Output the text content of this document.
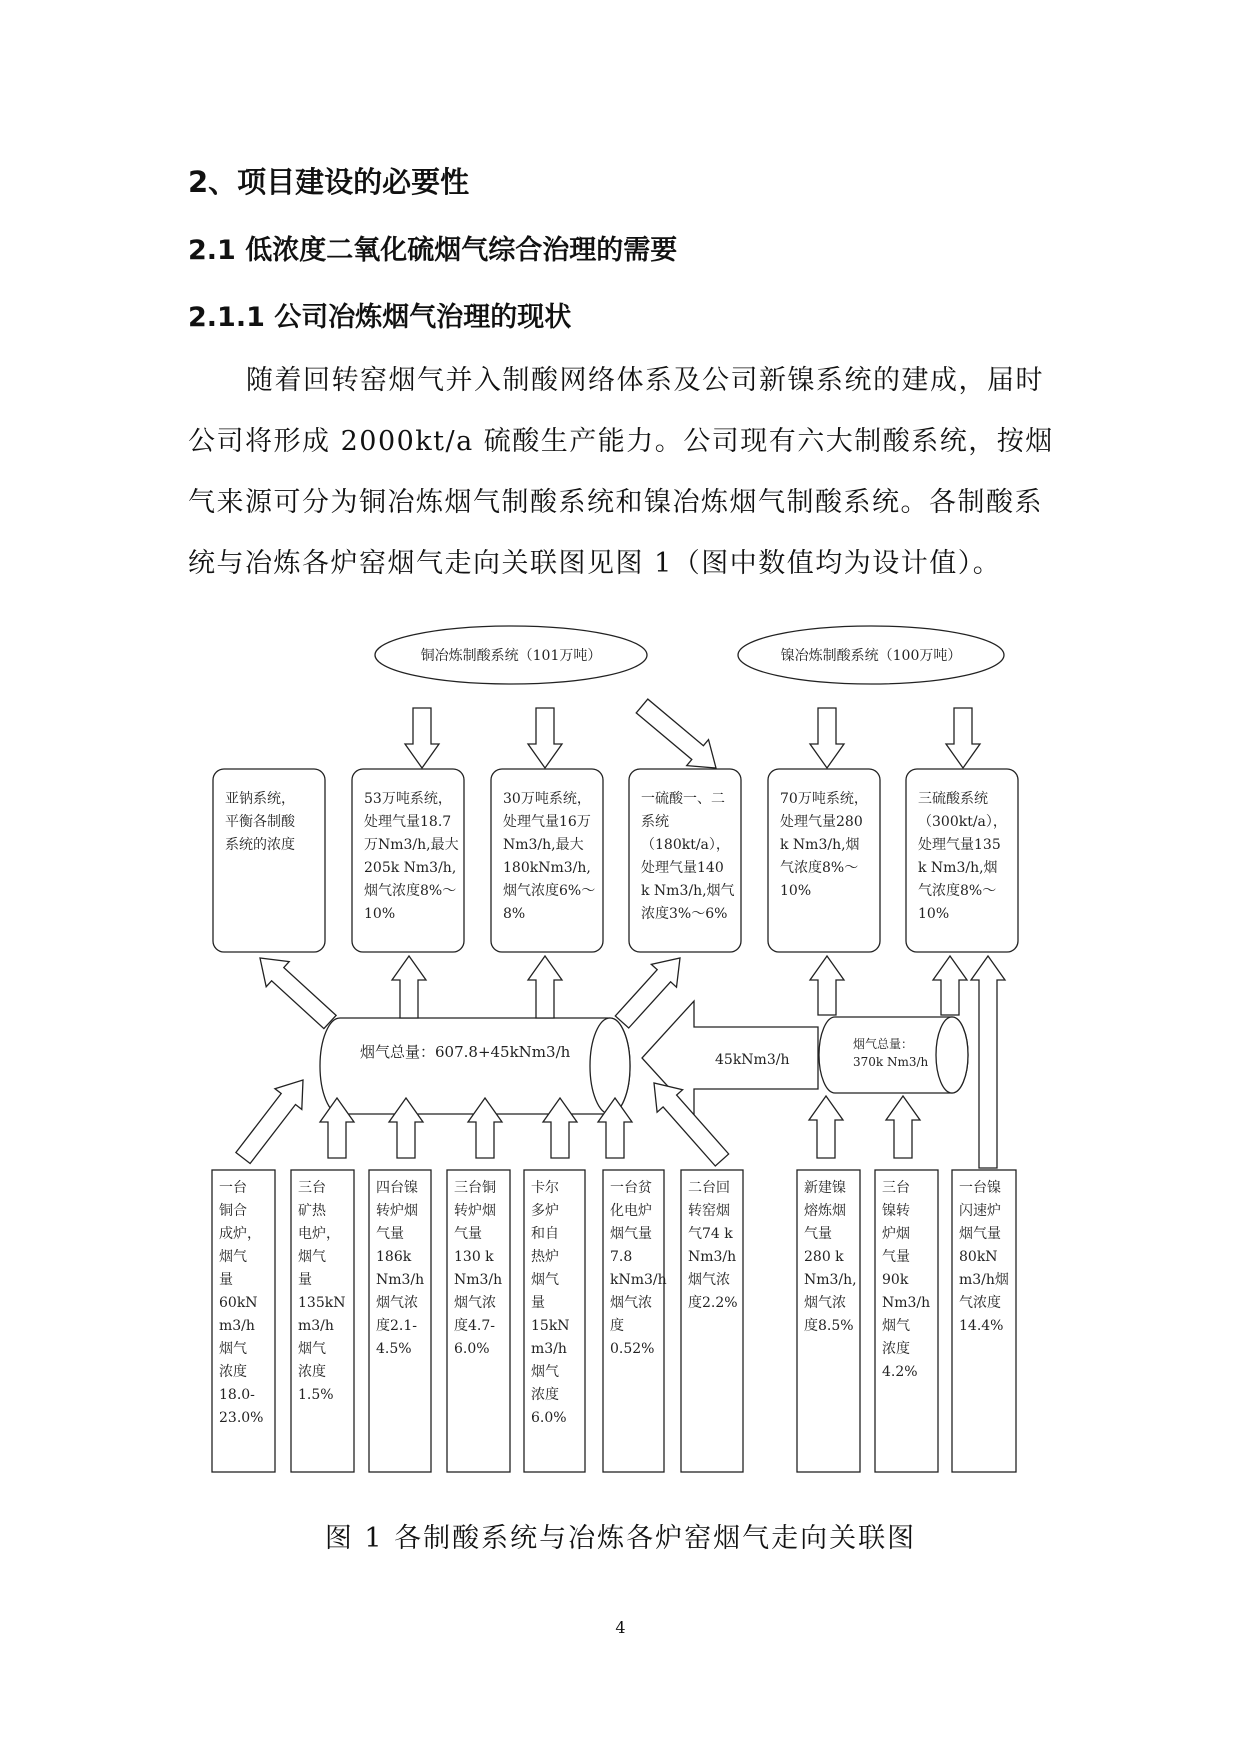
2、项目建设的必要性
2.1 低浓度二氧化硫烟气综合治理的需要
2.1.1 公司冶炼烟气治理的现状

随着回转窑烟气并入制酸网络体系及公司新镍系统的建成，届时

公司将形成 2000kt/a 硫酸生产能力。公司现有六大制酸系统，按烟

气来源可分为铜冶炼烟气制酸系统和镍冶炼烟气制酸系统。各制酸系

统与冶炼各炉窑烟气走向关联图见图 1（图中数值均为设计值）。

铜冶炼制酸系统（101万吨）	镍冶炼制酸系统（100万吨）
亚钠系统，
平衡各制酸
系统的浓度
53万吨系统，
处理气量18.7
万Nm3/h,最大
205k Nm3/h,
烟气浓度8%～
10%
30万吨系统，
处理气量16万
Nm3/h,最大
180kNm3/h,
烟气浓度6%～
8%
一硫酸一、二
系统
（180kt/a），
处理气量140
k Nm3/h,烟气
浓度3%～6%
70万吨系统，
处理气量280
k Nm3/h,烟
气浓度8%～
10%
三硫酸系统
（300kt/a），
处理气量135
k Nm3/h,烟
气浓度8%～
10%
烟气总量：607.8+45kNm3/h	烟气总量：
370k Nm3/h
45kNm3/h
一台
铜合
成炉，
烟气
量
60kN
m3/h
烟气
浓度
18.0-
23.0%
三台
矿热
电炉，
烟气
量
135kN
m3/h
烟气
浓度
1.5%
四台镍
转炉烟
气量
186k
Nm3/h
烟气浓
度2.1-
4.5%
三台铜
转炉烟
气量
130 k
Nm3/h
烟气浓
度4.7-
6.0%
卡尔
多炉
和自
热炉
烟气
量
15kN
m3/h
烟气
浓度
6.0%
一台贫
化电炉
烟气量
7.8
kNm3/h
烟气浓
度
0.52%
二台回
转窑烟
气74 k
Nm3/h
烟气浓
度2.2%
新建镍
熔炼烟
气量
280 k
Nm3/h,
烟气浓
度8.5%
三台
镍转
炉烟
气量
90k
Nm3/h
烟气
浓度
4.2%
一台镍
闪速炉
烟气量
80kN
m3/h烟
气浓度
14.4%
图 1 各制酸系统与冶炼各炉窑烟气走向关联图
4
